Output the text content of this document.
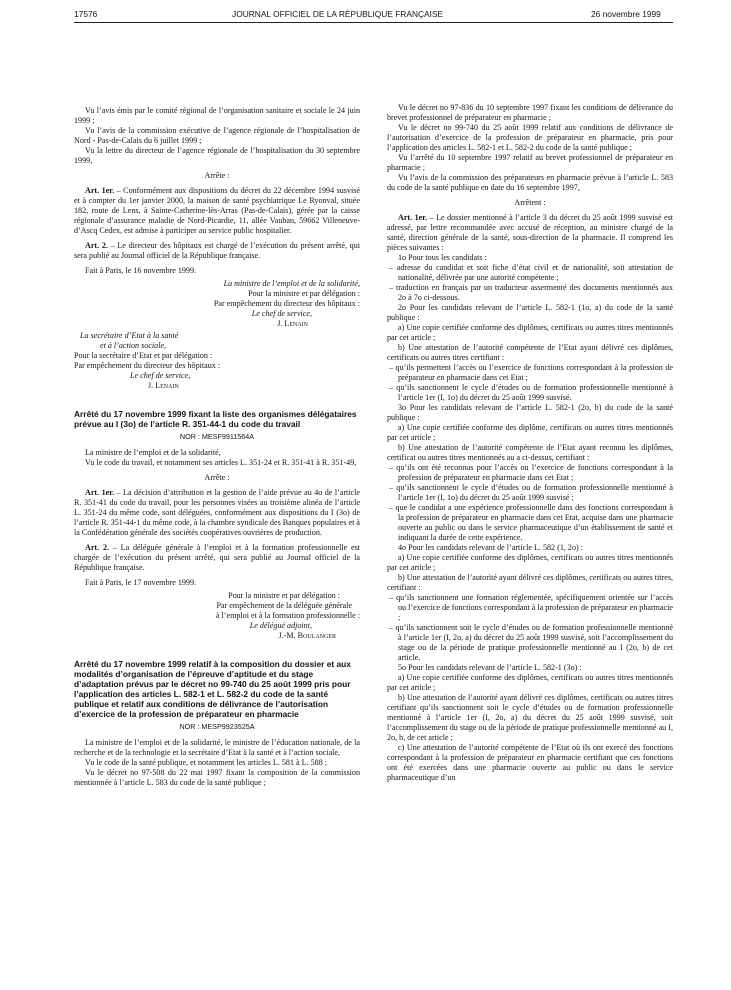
17576	JOURNAL OFFICIEL DE LA RÉPUBLIQUE FRANÇAISE	26 novembre 1999

Vu l’avis émis par le comité régional de l’organisation sanitaire et sociale le 24 juin 1999 ;

Vu l’avis de la commission exécutive de l’agence régionale de l’hospitalisation de Nord - Pas-de-Calais du 6 juillet 1999 ;

Vu la lettre du directeur de l’agence régionale de l’hospitalisation du 30 septembre 1999,

Arrête :

Art. 1er. – Conformément aux dispositions du décret du 22 décembre 1994 susvisé et à compter du 1er janvier 2000, la maison de santé psychiatrique Le Ryonval, située 182, route de Lens, à Sainte-Catherine-lès-Arras (Pas-de-Calais), gérée par la caisse régionale d’assurance maladie de Nord-Picardie, 11, allée Vauban, 59662 Villeneuve-d’Ascq Cedex, est admise à participer au service public hospitalier.

Art. 2. – Le directeur des hôpitaux est chargé de l’exécution du présent arrêté, qui sera publié au Journal officiel de la République française.

Fait à Paris, le 16 novembre 1999.

La ministre de l’emploi et de la solidarité,

Pour la ministre et par délégation :

Par empêchement du directeur des hôpitaux :

Le chef de service,

J. Lenain

La secrétaire d’Etat à la santé

et à l’action sociale,

Pour la secrétaire d’Etat et par délégation :

Par empêchement du directeur des hôpitaux :

Le chef de service,

J. Lenain

Arrêté du 17 novembre 1999 fixant la liste des organismes délégataires prévue au I (3o) de l’article R. 351-44-1 du code du travail

NOR : MESF9911564A

La ministre de l’emploi et de la solidarité,

Vu le code du travail, et notamment ses articles L. 351-24 et R. 351-41 à R. 351-49,

Arrête :

Art. 1er. – La décision d’attribution et la gestion de l’aide prévue au 4o de l’article R. 351-41 du code du travail, pour les personnes visées au troisième alinéa de l’article L. 351-24 du même code, sont déléguées, conformément aux dispositions du I (3o) de l’article R. 351-44-1 du même code, à la chambre syndicale des Banques populaires et à la Confédération générale des sociétés coopératives ouvrières de production.

Art. 2. – La déléguée générale à l’emploi et à la formation professionnelle est chargée de l’exécution du présent arrêté, qui sera publié au Journal officiel de la République française.

Fait à Paris, le 17 novembre 1999.

Pour la ministre et par délégation :

Par empêchement de la déléguée générale

à l’emploi et à la formation professionnelle :

Le délégué adjoint,

J.-M. Boulanger

Arrêté du 17 novembre 1999 relatif à la composition du dossier et aux modalités d’organisation de l’épreuve d’aptitude et du stage d’adaptation prévus par le décret no 99-740 du 25 août 1999 pris pour l’application des articles L. 582-1 et L. 582-2 du code de la santé publique et relatif aux conditions de délivrance de l’autorisation d’exercice de la profession de préparateur en pharmacie

NOR : MESP9923525A

La ministre de l’emploi et de la solidarité, le ministre de l’éducation nationale, de la recherche et de la technologie et la secrétaire d’Etat à la santé et à l’action sociale,

Vu le code de la santé publique, et notamment les articles L. 581 à L. 588 ;

Vu le décret no 97-508 du 22 mai 1997 fixant la composition de la commission mentionnée à l’article L. 583 du code de la santé publique ;

Vu le décret no 97-836 du 10 septembre 1997 fixant les conditions de délivrance du brevet professionnel de préparateur en pharmacie ;

Vu le décret no 99-740 du 25 août 1999 relatif aux conditions de délivrance de l’autorisation d’exercice de la profession de préparateur en pharmacie, pris pour l’application des articles L. 582-1 et L. 582-2 du code de la santé publique ;

Vu l’arrêté du 10 septembre 1997 relatif au brevet professionnel de préparateur en pharmacie ;

Vu l’avis de la commission des préparateurs en pharmacie prévue à l’article L. 583 du code de la santé publique en date du 16 septembre 1997,

Arrêtent :

Art. 1er. – Le dossier mentionné à l’article 3 du décret du 25 août 1999 susvisé est adressé, par lettre recommandée avec accusé de réception, au ministre chargé de la santé, direction générale de la santé, sous-direction de la pharmacie. Il comprend les pièces suivantes :

1o Pour tous les candidats :

– adresse du candidat et soit fiche d’état civil et de nationalité, soit attestation de nationalité, délivrée par une autorité compétente ;

– traduction en français par un traducteur assermenté des documents mentionnés aux 2o à 7o ci-dessous.

2o Pour les candidats relevant de l’article L. 582-1 (1o, a) du code de la santé publique :

a) Une copie certifiée conforme des diplômes, certificats ou autres titres mentionnés par cet article ;

b) Une attestation de l’autorité compétente de l’Etat ayant délivré ces diplômes, certificats ou autres titres certifiant :

– qu’ils permettent l’accès ou l’exercice de fonctions correspondant à la profession de préparateur en pharmacie dans cet Etat ;

– qu’ils sanctionnent le cycle d’études ou de formation professionnelle mentionné à l’article 1er (I, 1o) du décret du 25 août 1999 susvisé.

3o Pour les candidats relevant de l’article L. 582-1 (2o, b) du code de la santé publique :

a) Une copie certifiée conforme des diplôme, certificats ou autres titres mentionnés par cet article ;

b) Une attestation de l’autorité compétente de l’Etat ayant reconnu les diplômes, certificat ou autres titres mentionnés au a ci-dessus, certifiant :

– qu’ils ont été reconnus pour l’accès ou l’exercice de fonctions correspondant à la profession de préparateur en pharmacie dans cet Etat ;

– qu’ils sanctionnent le cycle d’études ou de formation professionnelle mentionné à l’article 1er (I, 1o) du décret du 25 août 1999 susvisé ;

– que le candidat a une expérience professionnelle dans des fonctions correspondant à la profession de préparateur en pharmacie dans cet Etat, acquise dans une pharmacie ouverte au public ou dans le service pharmaceutique d’un établissement de santé et indiquant la durée de cette expérience.

4o Pour les candidats relevant de l’article L. 582 (1, 2o) :

a) Une copie certifiée conforme des diplômes, certificats ou autres titres mentionnés par cet article ;

b) Une attestation de l’autorité ayant délivré ces diplômes, certificats ou autres titres, certifiant :

– qu’ils sanctionnent une formation réglementée, spécifiquement orientée sur l’accès ou l’exercice de fonctions correspondant à la profession de préparateur en pharmacie ;

– qu’ils sanctionnent soit le cycle d’études ou de formation professionnelle mentionné à l’article 1er (I, 2o, a) du décret du 25 août 1999 susvisé, soit l’accomplissement du stage ou de la période de pratique professionnelle mentionné au I (2o, b) de cet article.

5o Pour les candidats relevant de l’article L. 582-1 (3o) :

a) Une copie certifiée conforme des diplômes, certificats ou autres titres mentionnés par cet article ;

b) Une attestation de l’autorité ayant délivré ces diplômes, certificats ou autres titres certifiant qu’ils sanctionnent soit le cycle d’études ou de formation professionnelle mentionné à l’article 1er (I, 2o, a) du décret du 25 août 1999 susvisé, soit l’accomplissement du stage ou de la période de pratique professionnelle mentionné au I, 2o, b, de cet article ;

c) Une attestation de l’autorité compétente de l’Etat où ils ont exercé des fonctions correspondant à la profession de préparateur en pharmacie certifiant que ces fonctions ont été exercées dans une pharmacie ouverte au public ou dans le service pharmaceutique d’un
